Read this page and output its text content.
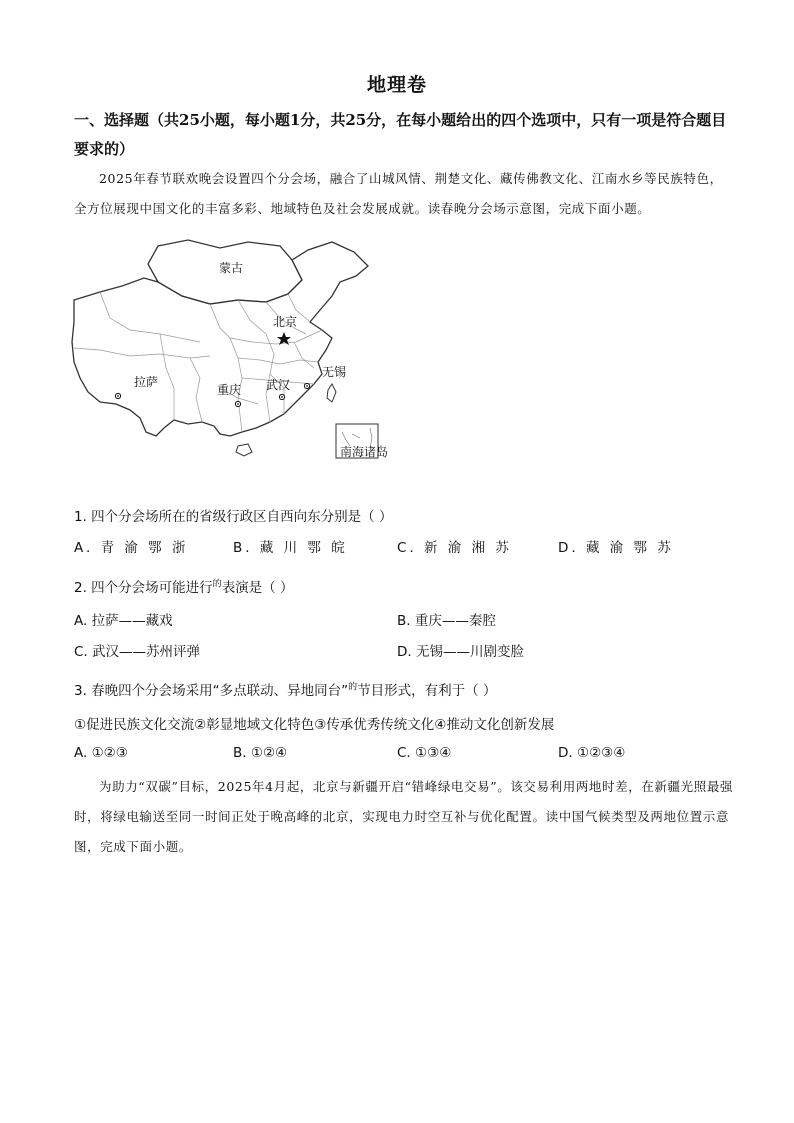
地理卷
一、选择题（共25小题，每小题1分，共25分，在每小题给出的四个选项中，只有一项是符合题目要求的）
2025年春节联欢晚会设置四个分会场，融合了山城风情、荆楚文化、藏传佛教文化、江南水乡等民族特色，全方位展现中国文化的丰富多彩、地域特色及社会发展成就。读春晚分会场示意图，完成下面小题。
南海诸岛
蒙古
北京
无锡
拉萨	武汉
重庆
1. 四个分会场所在的省级行政区自西向东分别是（ ）
A. 青 渝 鄂 浙	B. 藏 川 鄂 皖	C. 新 渝 湘 苏	D. 藏 渝 鄂 苏
2. 四个分会场可能进行$^的$表演是（ ）
A. 拉萨——藏戏	B. 重庆——秦腔
C. 武汉——苏州评弹	D. 无锡——川剧变脸
3. 春晚四个分会场采用“多点联动、异地同台”$^的$节目形式，有利于（ ）
①促进民族文化交流②彰显地域文化特色③传承优秀传统文化④推动文化创新发展
A. ①②③	B. ①②④	C. ①③④	D. ①②③④
为助力“双碳”目标，2025年4月起，北京与新疆开启“错峰绿电交易”。该交易利用两地时差，在新疆光照最强时，将绿电输送至同一时间正处于晚高峰的北京，实现电力时空互补与优化配置。读中国气候类型及两地位置示意图，完成下面小题。
